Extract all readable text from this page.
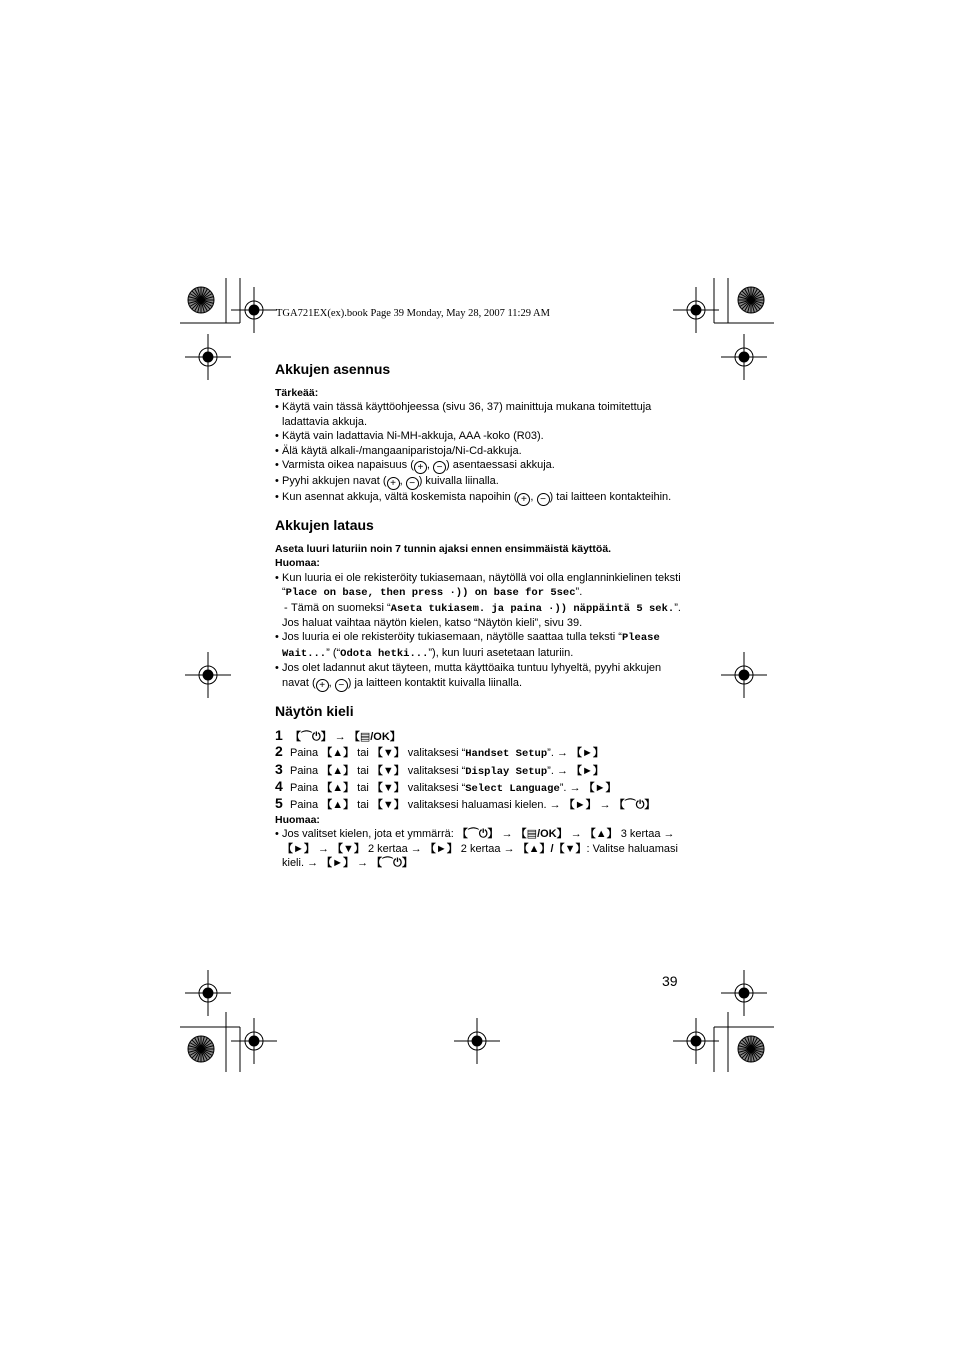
TGA721EX(ex).book Page 39 Monday, May 28, 2007 11:29 AM
Akkujen asennus

Tärkeää:

• Käytä vain tässä käyttöohjeessa (sivu 36, 37) mainittuja mukana toimitettuja ladattavia akkuja.

• Käytä vain ladattavia Ni-MH-akkuja, AAA -koko (R03).

• Älä käytä alkali-/mangaaniparistoja/Ni-Cd-akkuja.

• Varmista oikea napaisuus ( + , − ) asentaessasi akkuja.

• Pyyhi akkujen navat ( + , − ) kuivalla liinalla.

• Kun asennat akkuja, vältä koskemista napoihin ( + , − ) tai laitteen kontakteihin.

Akkujen lataus

Aseta luuri laturiin noin 7 tunnin ajaksi ennen ensimmäistä käyttöä.

Huomaa:

• Kun luuria ei ole rekisteröity tukiasemaan, näytöllä voi olla englanninkielinen teksti “Place on base, then press ·)) on base for 5sec”.

- Tämä on suomeksi “Aseta tukiasem. ja paina ·)) näppäintä 5 sek.”.

Jos haluat vaihtaa näytön kielen, katso “Näytön kieli”, sivu 39.

• Jos luuria ei ole rekisteröity tukiasemaan, näytölle saattaa tulla teksti “Please Wait...” (“Odota hetki...”), kun luuri asetetaan laturiin.

• Jos olet ladannut akut täyteen, mutta käyttöaika tuntuu lyhyeltä, pyyhi akkujen navat ( + , − ) ja laitteen kontaktit kuivalla liinalla.

Näytön kieli

1 【⌒⏻】 → 【▤/OK】

2 Paina 【▲】 tai 【▼】 valitaksesi “Handset Setup”. → 【►】

3 Paina 【▲】 tai 【▼】 valitaksesi “Display Setup”. → 【►】

4 Paina 【▲】 tai 【▼】 valitaksesi “Select Language”. → 【►】

5 Paina 【▲】 tai 【▼】 valitaksesi haluamasi kielen. → 【►】 → 【⌒⏻】

Huomaa:

• Jos valitset kielen, jota et ymmärrä: 【⌒⏻】 → 【▤/OK】 → 【▲】 3 kertaa → 【►】 → 【▼】 2 kertaa → 【►】 2 kertaa → 【▲】/【▼】: Valitse haluamasi kieli. → 【►】 → 【⌒⏻】

39
